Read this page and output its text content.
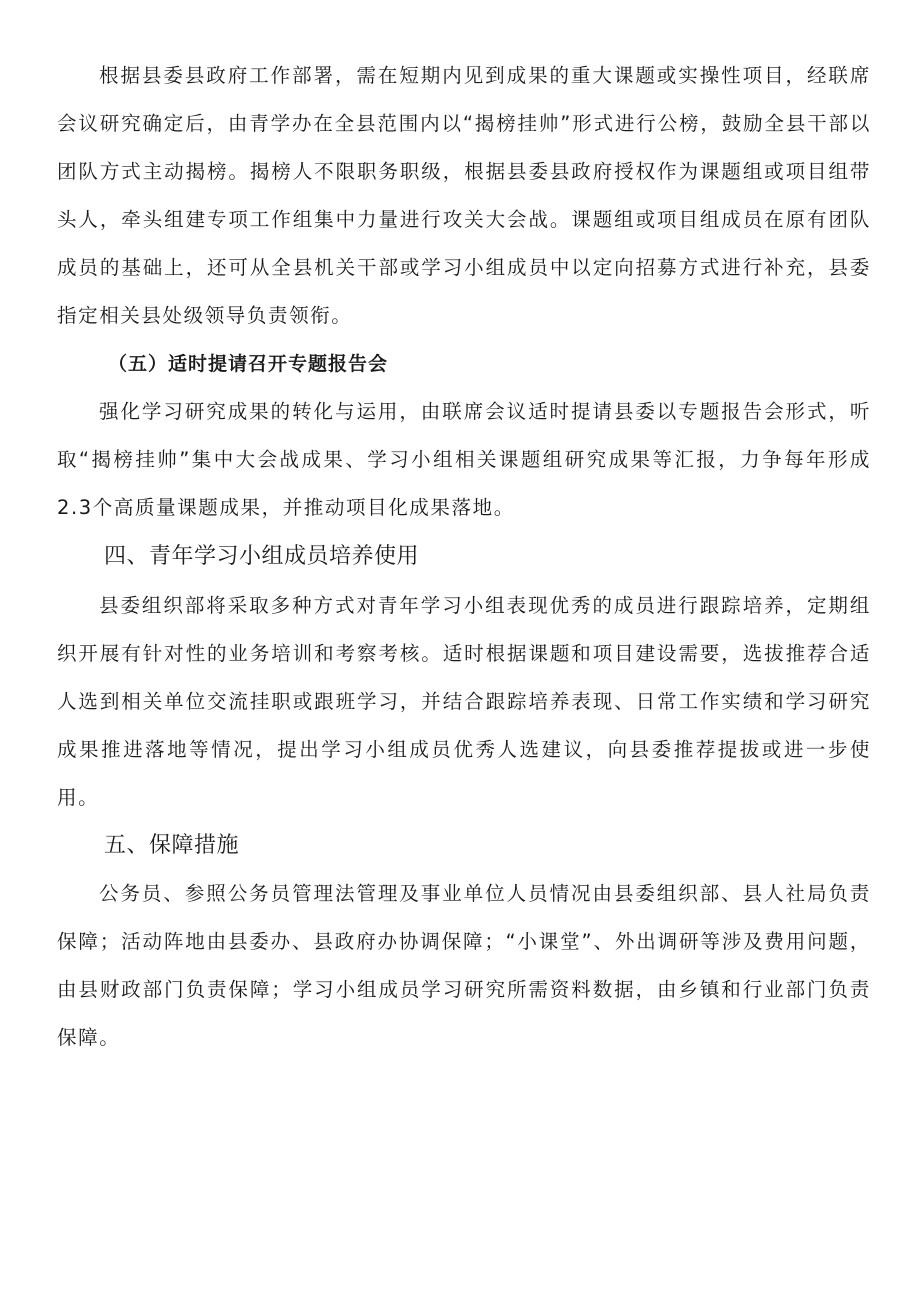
根据县委县政府工作部署，需在短期内见到成果的重大课题或实操性项目，经联席会议研究确定后，由青学办在全县范围内以“揭榜挂帅”形式进行公榜，鼓励全县干部以团队方式主动揭榜。揭榜人不限职务职级，根据县委县政府授权作为课题组或项目组带头人，牵头组建专项工作组集中力量进行攻关大会战。课题组或项目组成员在原有团队成员的基础上，还可从全县机关干部或学习小组成员中以定向招募方式进行补充，县委指定相关县处级领导负责领衔。

（五）适时提请召开专题报告会

强化学习研究成果的转化与运用，由联席会议适时提请县委以专题报告会形式，听取“揭榜挂帅”集中大会战成果、学习小组相关课题组研究成果等汇报，力争每年形成2.3个高质量课题成果，并推动项目化成果落地。

四、青年学习小组成员培养使用

县委组织部将采取多种方式对青年学习小组表现优秀的成员进行跟踪培养，定期组织开展有针对性的业务培训和考察考核。适时根据课题和项目建设需要，选拔推荐合适人选到相关单位交流挂职或跟班学习，并结合跟踪培养表现、日常工作实绩和学习研究成果推进落地等情况，提出学习小组成员优秀人选建议，向县委推荐提拔或进一步使用。

五、保障措施

公务员、参照公务员管理法管理及事业单位人员情况由县委组织部、县人社局负责保障；活动阵地由县委办、县政府办协调保障；“小课堂”、外出调研等涉及费用问题，由县财政部门负责保障；学习小组成员学习研究所需资料数据，由乡镇和行业部门负责保障。
